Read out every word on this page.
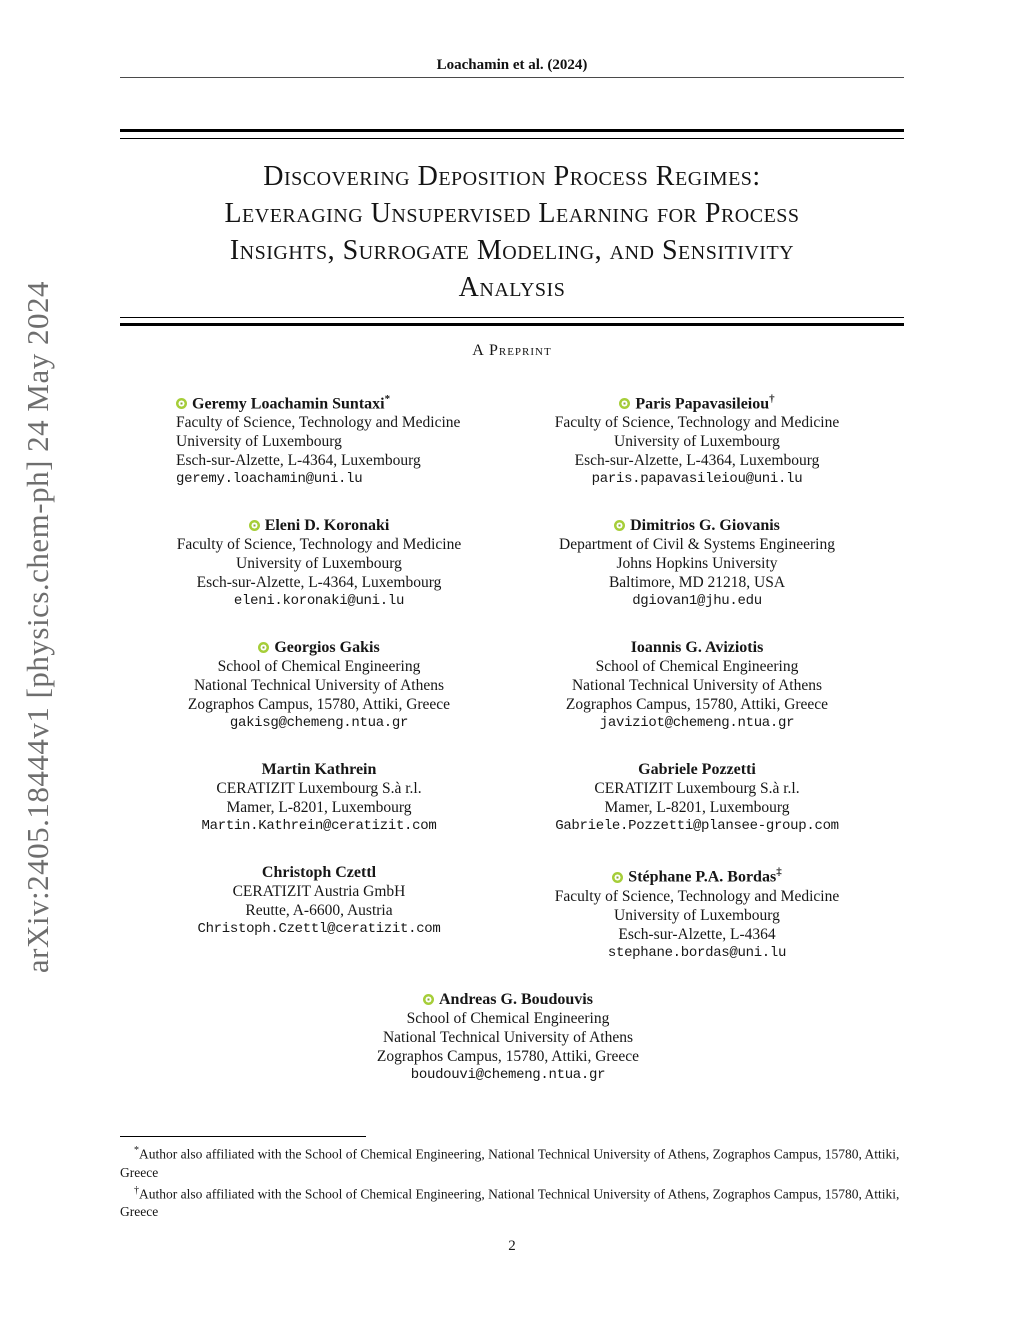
arXiv:2405.18444v1 [physics.chem-ph] 24 May 2024
Loachamin et al. (2024)
Discovering Deposition Process Regimes:
Leveraging Unsupervised Learning for Process
Insights, Surrogate Modeling, and Sensitivity
Analysis
A Preprint
Geremy Loachamin Suntaxi*
Faculty of Science, Technology and Medicine
University of Luxembourg
Esch-sur-Alzette, L-4364, Luxembourg
geremy.loachamin@uni.lu
Paris Papavasileiou†
Faculty of Science, Technology and Medicine
University of Luxembourg
Esch-sur-Alzette, L-4364, Luxembourg
paris.papavasileiou@uni.lu
Eleni D. Koronaki
Faculty of Science, Technology and Medicine
University of Luxembourg
Esch-sur-Alzette, L-4364, Luxembourg
eleni.koronaki@uni.lu
Dimitrios G. Giovanis
Department of Civil & Systems Engineering
Johns Hopkins University
Baltimore, MD 21218, USA
dgiovan1@jhu.edu
Georgios Gakis
School of Chemical Engineering
National Technical University of Athens
Zographos Campus, 15780, Attiki, Greece
gakisg@chemeng.ntua.gr
Ioannis G. Aviziotis
School of Chemical Engineering
National Technical University of Athens
Zographos Campus, 15780, Attiki, Greece
javiziot@chemeng.ntua.gr
Martin Kathrein
CERATIZIT Luxembourg S.à r.l.
Mamer, L-8201, Luxembourg
Martin.Kathrein@ceratizit.com
Gabriele Pozzetti
CERATIZIT Luxembourg S.à r.l.
Mamer, L-8201, Luxembourg
Gabriele.Pozzetti@plansee-group.com
Christoph Czettl
CERATIZIT Austria GmbH
Reutte, A-6600, Austria
Christoph.Czettl@ceratizit.com
Stéphane P.A. Bordas‡
Faculty of Science, Technology and Medicine
University of Luxembourg
Esch-sur-Alzette, L-4364
stephane.bordas@uni.lu
Andreas G. Boudouvis
School of Chemical Engineering
National Technical University of Athens
Zographos Campus, 15780, Attiki, Greece
boudouvi@chemeng.ntua.gr

*Author also affiliated with the School of Chemical Engineering, National Technical University of Athens, Zographos Campus, 15780, Attiki, Greece

†Author also affiliated with the School of Chemical Engineering, National Technical University of Athens, Zographos Campus, 15780, Attiki, Greece

2
